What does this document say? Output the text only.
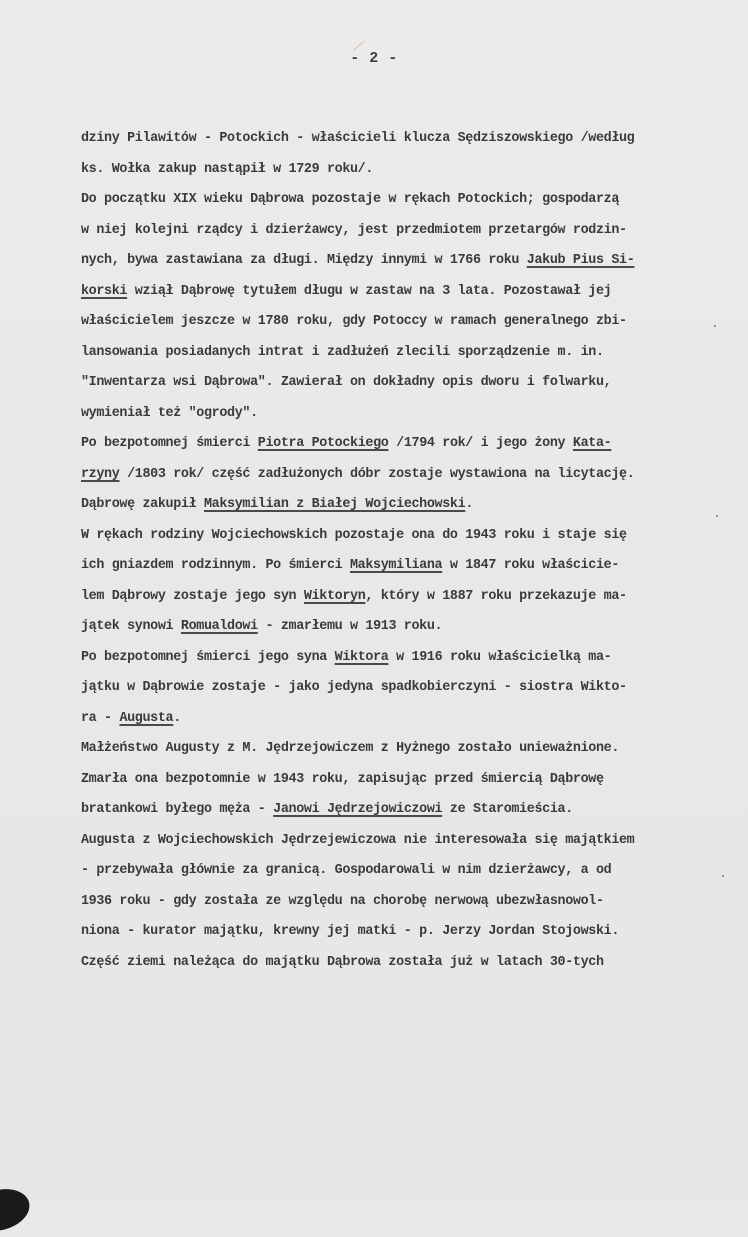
- 2 -
dziny Pilawitów - Potockich - właścicieli klucza Sędziszowskiego /według
ks. Wołka zakup nastąpił w 1729 roku/.
Do początku XIX wieku Dąbrowa pozostaje w rękach Potockich; gospodarzą
w niej kolejni rządcy i dzierżawcy, jest przedmiotem przetargów rodzin-
nych, bywa zastawiana za długi. Między innymi w 1766 roku Jakub Pius Si-
korski wziął Dąbrowę tytułem długu w zastaw na 3 lata. Pozostawał jej
właścicielem jeszcze w 1780 roku, gdy Potoccy w ramach generalnego zbi-
lansowania posiadanych intrat i zadłużeń zlecili sporządzenie m. in.
"Inwentarza wsi Dąbrowa". Zawierał on dokładny opis dworu i folwarku,
wymieniał też "ogrody".
Po bezpotomnej śmierci Piotra Potockiego /1794 rok/ i jego żony Kata-
rzyny /1803 rok/ część zadłużonych dóbr zostaje wystawiona na licytację.
Dąbrowę zakupił Maksymilian z Białej Wojciechowski.
W rękach rodziny Wojciechowskich pozostaje ona do 1943 roku i staje się
ich gniazdem rodzinnym. Po śmierci Maksymiliana w 1847 roku właścicie-
lem Dąbrowy zostaje jego syn Wiktoryn, który w 1887 roku przekazuje ma-
jątek synowi Romualdowi - zmarłemu w 1913 roku.
Po bezpotomnej śmierci jego syna Wiktora w 1916 roku właścicielką ma-
jątku w Dąbrowie zostaje - jako jedyna spadkobierczyni - siostra Wikto-
ra - Augusta.
Małżeństwo Augusty z M. Jędrzejowiczem z Hyżnego zostało unieważnione.
Zmarła ona bezpotomnie w 1943 roku, zapisując przed śmiercią Dąbrowę
bratankowi byłego męża - Janowi Jędrzejowiczowi ze Staromieścia.
Augusta z Wojciechowskich Jędrzejewiczowa nie interesowała się majątkiem
- przebywała głównie za granicą. Gospodarowali w nim dzierżawcy, a od
1936 roku - gdy została ze względu na chorobę nerwową ubezwłasnowol-
niona - kurator majątku, krewny jej matki - p. Jerzy Jordan Stojowski.
Część ziemi należąca do majątku Dąbrowa została już w latach 30-tych
